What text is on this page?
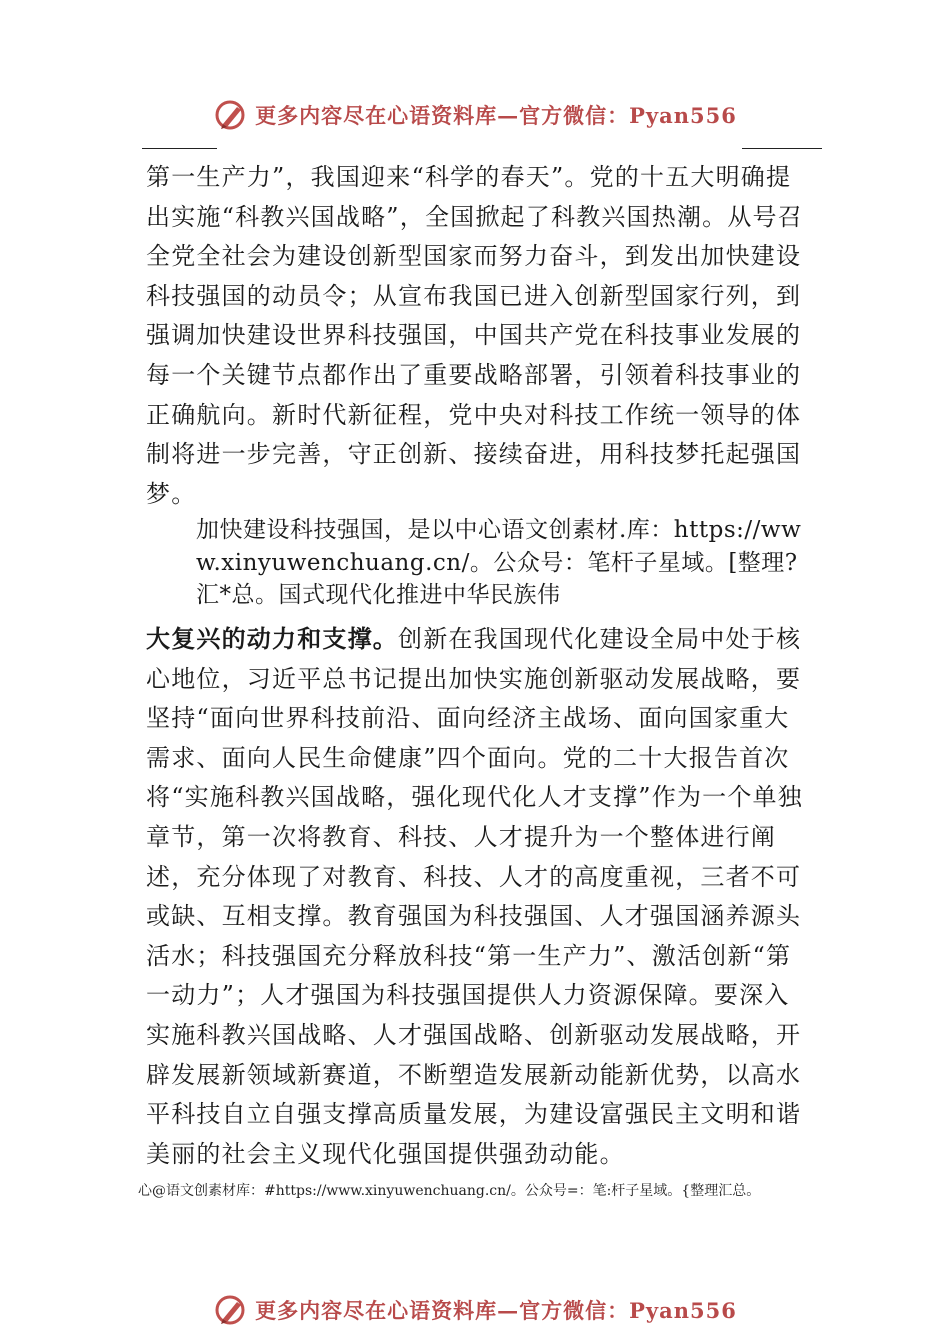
更多内容尽在心语资料库—官方微信：Pyan556

第一生产力”，我国迎来“科学的春天”。党的十五大明确提出实施“科教兴国战略”，全国掀起了科教兴国热潮。从号召全党全社会为建设创新型国家而努力奋斗，到发出加快建设科技强国的动员令；从宣布我国已进入创新型国家行列，到强调加快建设世界科技强国，中国共产党在科技事业发展的每一个关键节点都作出了重要战略部署，引领着科技事业的正确航向。新时代新征程，党中央对科技工作统一领导的体制将进一步完善，守正创新、接续奋进，用科技梦托起强国梦。

加快建设科技强国，是以中心语文创素材.库：https://www.xinyuwenchuang.cn/。公众号：笔杆子星域。[整理?汇*总。国式现代化推进中华民族伟

大复兴的动力和支撑。创新在我国现代化建设全局中处于核心地位，习近平总书记提出加快实施创新驱动发展战略，要坚持“面向世界科技前沿、面向经济主战场、面向国家重大需求、面向人民生命健康”四个面向。党的二十大报告首次将“实施科教兴国战略，强化现代化人才支撑”作为一个单独章节，第一次将教育、科技、人才提升为一个整体进行阐述，充分体现了对教育、科技、人才的高度重视，三者不可或缺、互相支撑。教育强国为科技强国、人才强国涵养源头活水；科技强国充分释放科技“第一生产力”、激活创新“第一动力”；人才强国为科技强国提供人力资源保障。要深入实施科教兴国战略、人才强国战略、创新驱动发展战略，开辟发展新领域新赛道，不断塑造发展新动能新优势，以高水平科技自立自强支撑高质量发展，为建设富强民主文明和谐美丽的社会主义现代化强国提供强劲动能。

心@语文创素材库：#https://www.xinyuwenchuang.cn/。公众号=：笔:杆子星域。{整理汇总。

更多内容尽在心语资料库—官方微信：Pyan556
